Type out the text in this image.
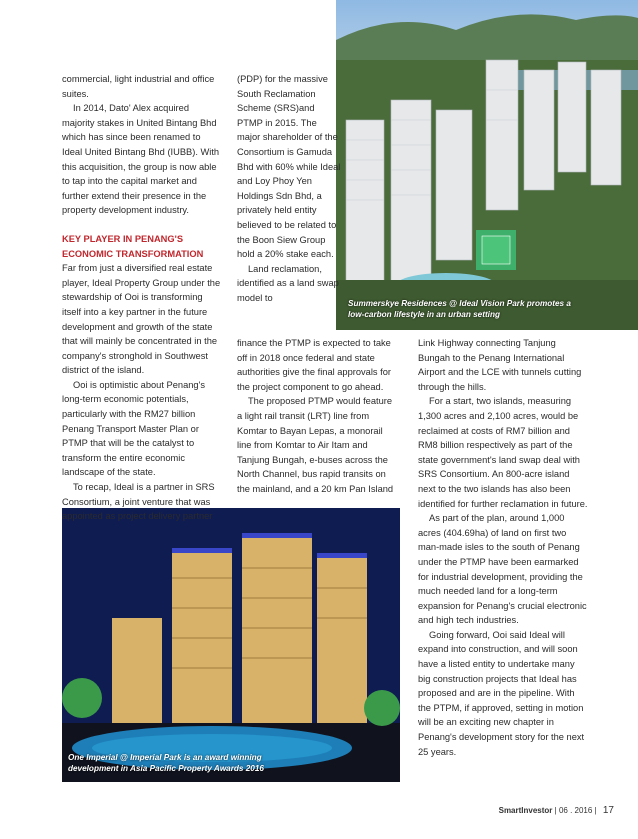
Summerskye Residences @ Ideal Vision Park promotes a low-carbon lifestyle in an urban setting
One Imperial @ Imperial Park is an award winning development in Asia Pacific Property Awards 2016

commercial, light industrial and office suites.

In 2014, Dato' Alex acquired majority stakes in United Bintang Bhd which has since been renamed to Ideal United Bintang Bhd (IUBB). With this acquisition, the group is now able to tap into the capital market and further extend their presence in the property development industry.

KEY PLAYER IN PENANG'S ECONOMIC TRANSFORMATION

Far from just a diversified real estate player, Ideal Property Group under the stewardship of Ooi is transforming itself into a key partner in the future development and growth of the state that will mainly be concentrated in the company's stronghold in Southwest district of the island.

Ooi is optimistic about Penang's long-term economic potentials, particularly with the RM27 billion Penang Transport Master Plan or PTMP that will be the catalyst to transform the entire economic landscape of the state.

To recap, Ideal is a partner in SRS Consortium, a joint venture that was appointed as project delivery partner

(PDP) for the massive South Reclamation Scheme (SRS)and PTMP in 2015. The major shareholder of the Consortium is Gamuda Bhd with 60% while Ideal and Loy Phoy Yen Holdings Sdn Bhd, a privately held entity believed to be related to the Boon Siew Group hold a 20% stake each.

Land reclamation, identified as a land swap model to

finance the PTMP is expected to take off in 2018 once federal and state authorities give the final approvals for the project component to go ahead.

The proposed PTMP would feature a light rail transit (LRT) line from Komtar to Bayan Lepas, a monorail line from Komtar to Air Itam and Tanjung Bungah, e-buses across the North Channel, bus rapid transits on the mainland, and a 20 km Pan Island

Link Highway connecting Tanjung Bungah to the Penang International Airport and the LCE with tunnels cutting through the hills.

For a start, two islands, measuring 1,300 acres and 2,100 acres, would be reclaimed at costs of RM7 billion and RM8 billion respectively as part of the state government's land swap deal with SRS Consortium. An 800-acre island next to the two islands has also been identified for further reclamation in future.

As part of the plan, around 1,000 acres (404.69ha) of land on first two man-made isles to the south of Penang under the PTMP have been earmarked for industrial development, providing the much needed land for a long-term expansion for Penang's crucial electronic and high tech industries.

Going forward, Ooi said Ideal will expand into construction, and will soon have a listed entity to undertake many big construction projects that Ideal has proposed and are in the pipeline. With the PTPM, if approved, setting in motion will be an exciting new chapter in Penang's development story for the next 25 years.

SmartInvestor | 06 . 2016 | 17
